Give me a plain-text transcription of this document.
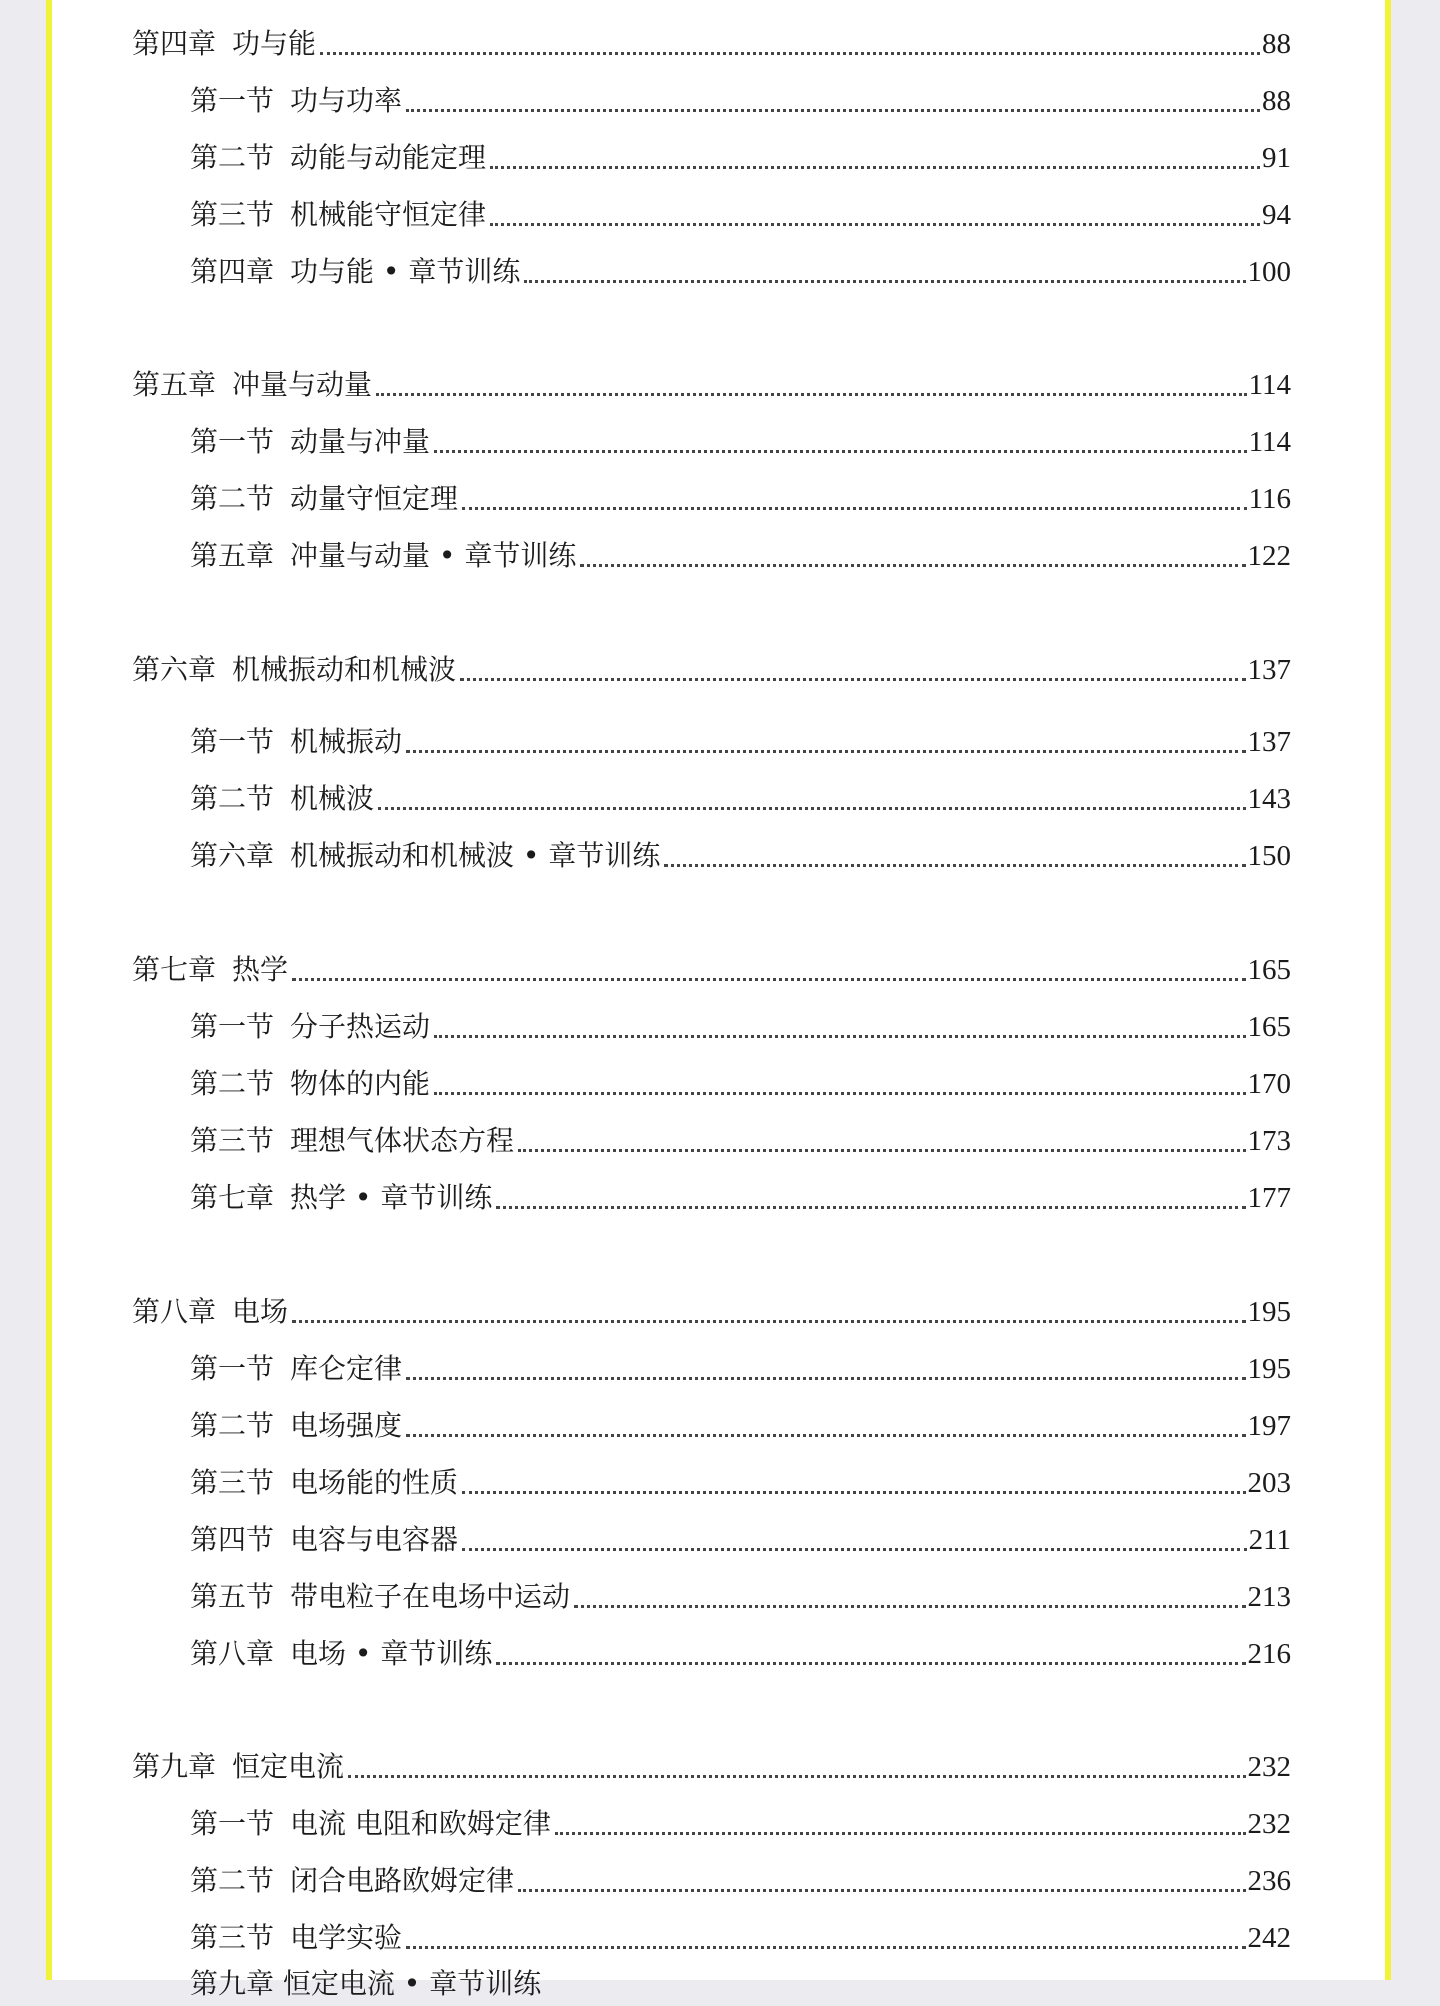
第四章 功与能	88
第一节 功与功率	88
第二节 动能与动能定理	91
第三节 机械能守恒定律	94
第四章 功与能 • 章节训练	100
第五章 冲量与动量	114
第一节 动量与冲量	114
第二节 动量守恒定理	116
第五章 冲量与动量 • 章节训练	122
第六章 机械振动和机械波	137
第一节 机械振动	137
第二节 机械波	143
第六章 机械振动和机械波 • 章节训练	150
第七章 热学	165
第一节 分子热运动	165
第二节 物体的内能	170
第三节 理想气体状态方程	173
第七章 热学 • 章节训练	177
第八章 电场	195
第一节 库仑定律	195
第二节 电场强度	197
第三节 电场能的性质	203
第四节 电容与电容器	211
第五节 带电粒子在电场中运动	213
第八章 电场 • 章节训练	216
第九章 恒定电流	232
第一节 电流 电阻和欧姆定律	232
第二节 闭合电路欧姆定律	236
第三节 电学实验	242
第九章 恒定电流 • 章节训练
